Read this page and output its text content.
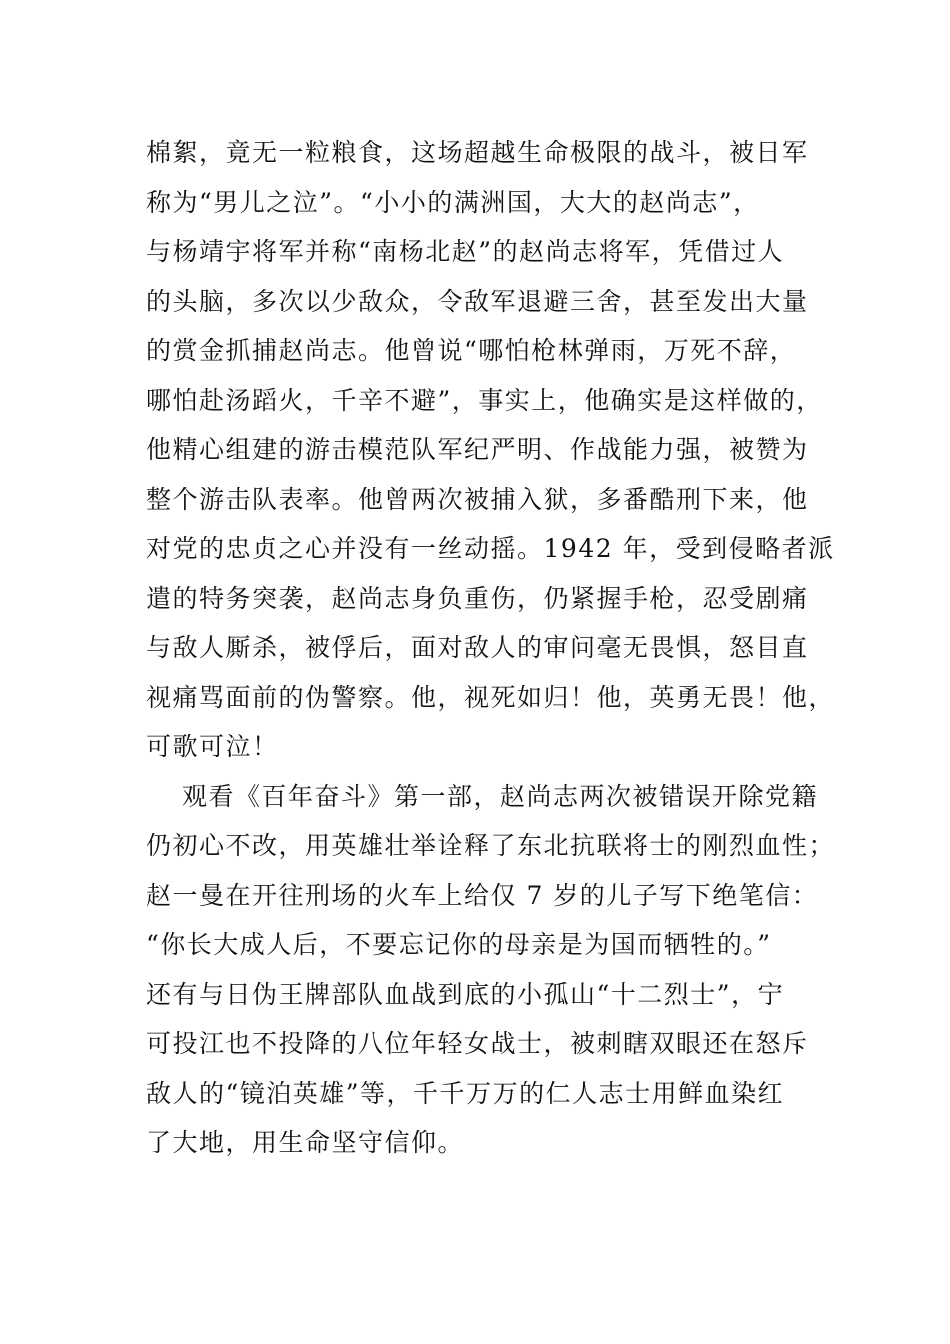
棉絮，竟无一粒粮食，这场超越生命极限的战斗，被日军
称为“男儿之泣”。“小小的满洲国，大大的赵尚志”，
与杨靖宇将军并称“南杨北赵”的赵尚志将军，凭借过人
的头脑，多次以少敌众，令敌军退避三舍，甚至发出大量
的赏金抓捕赵尚志。他曾说“哪怕枪林弹雨，万死不辞，
哪怕赴汤蹈火，千辛不避”，事实上，他确实是这样做的，
他精心组建的游击模范队军纪严明、作战能力强，被赞为
整个游击队表率。他曾两次被捕入狱，多番酷刑下来，他
对党的忠贞之心并没有一丝动摇。1942 年，受到侵略者派
遣的特务突袭，赵尚志身负重伤，仍紧握手枪，忍受剧痛
与敌人厮杀，被俘后，面对敌人的审问毫无畏惧，怒目直
视痛骂面前的伪警察。他，视死如归！他，英勇无畏！他，
可歌可泣！
观看《百年奋斗》第一部，赵尚志两次被错误开除党籍
仍初心不改，用英雄壮举诠释了东北抗联将士的刚烈血性；
赵一曼在开往刑场的火车上给仅 7 岁的儿子写下绝笔信：
“你长大成人后，不要忘记你的母亲是为国而牺牲的。”
还有与日伪王牌部队血战到底的小孤山“十二烈士”，宁
可投江也不投降的八位年轻女战士，被刺瞎双眼还在怒斥
敌人的“镜泊英雄”等，千千万万的仁人志士用鲜血染红
了大地，用生命坚守信仰。
